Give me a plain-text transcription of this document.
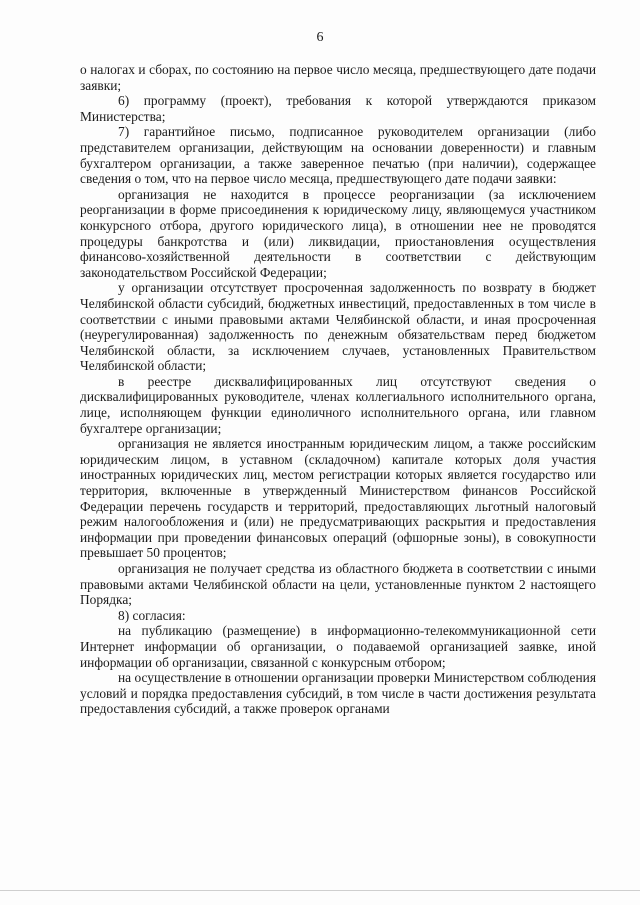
6

о налогах и сборах, по состоянию на первое число месяца, предшествующего дате подачи заявки;

6) программу (проект), требования к которой утверждаются приказом Министерства;

7) гарантийное письмо, подписанное руководителем организации (либо представителем организации, действующим на основании доверенности) и главным бухгалтером организации, а также заверенное печатью (при наличии), содержащее сведения о том, что на первое число месяца, предшествующего дате подачи заявки:

организация не находится в процессе реорганизации (за исключением реорганизации в форме присоединения к юридическому лицу, являющемуся участником конкурсного отбора, другого юридического лица), в отношении нее не проводятся процедуры банкротства и (или) ликвидации, приостановления осуществления финансово-хозяйственной деятельности в соответствии с действующим законодательством Российской Федерации;

у организации отсутствует просроченная задолженность по возврату в бюджет Челябинской области субсидий, бюджетных инвестиций, предоставленных в том числе в соответствии с иными правовыми актами Челябинской области, и иная просроченная (неурегулированная) задолженность по денежным обязательствам перед бюджетом Челябинской области, за исключением случаев, установленных Правительством Челябинской области;

в реестре дисквалифицированных лиц отсутствуют сведения о дисквалифицированных руководителе, членах коллегиального исполнительного органа, лице, исполняющем функции единоличного исполнительного органа, или главном бухгалтере организации;

организация не является иностранным юридическим лицом, а также российским юридическим лицом, в уставном (складочном) капитале которых доля участия иностранных юридических лиц, местом регистрации которых является государство или территория, включенные в утвержденный Министерством финансов Российской Федерации перечень государств и территорий, предоставляющих льготный налоговый режим налогообложения и (или) не предусматривающих раскрытия и предоставления информации при проведении финансовых операций (офшорные зоны), в совокупности превышает 50 процентов;

организация не получает средства из областного бюджета в соответствии с иными правовыми актами Челябинской области на цели, установленные пунктом 2 настоящего Порядка;

8) согласия:

на публикацию (размещение) в информационно-телекоммуникационной сети Интернет информации об организации, о подаваемой организацией заявке, иной информации об организации, связанной с конкурсным отбором;

на осуществление в отношении организации проверки Министерством соблюдения условий и порядка предоставления субсидий, в том числе в части достижения результата предоставления субсидий, а также проверок органами
